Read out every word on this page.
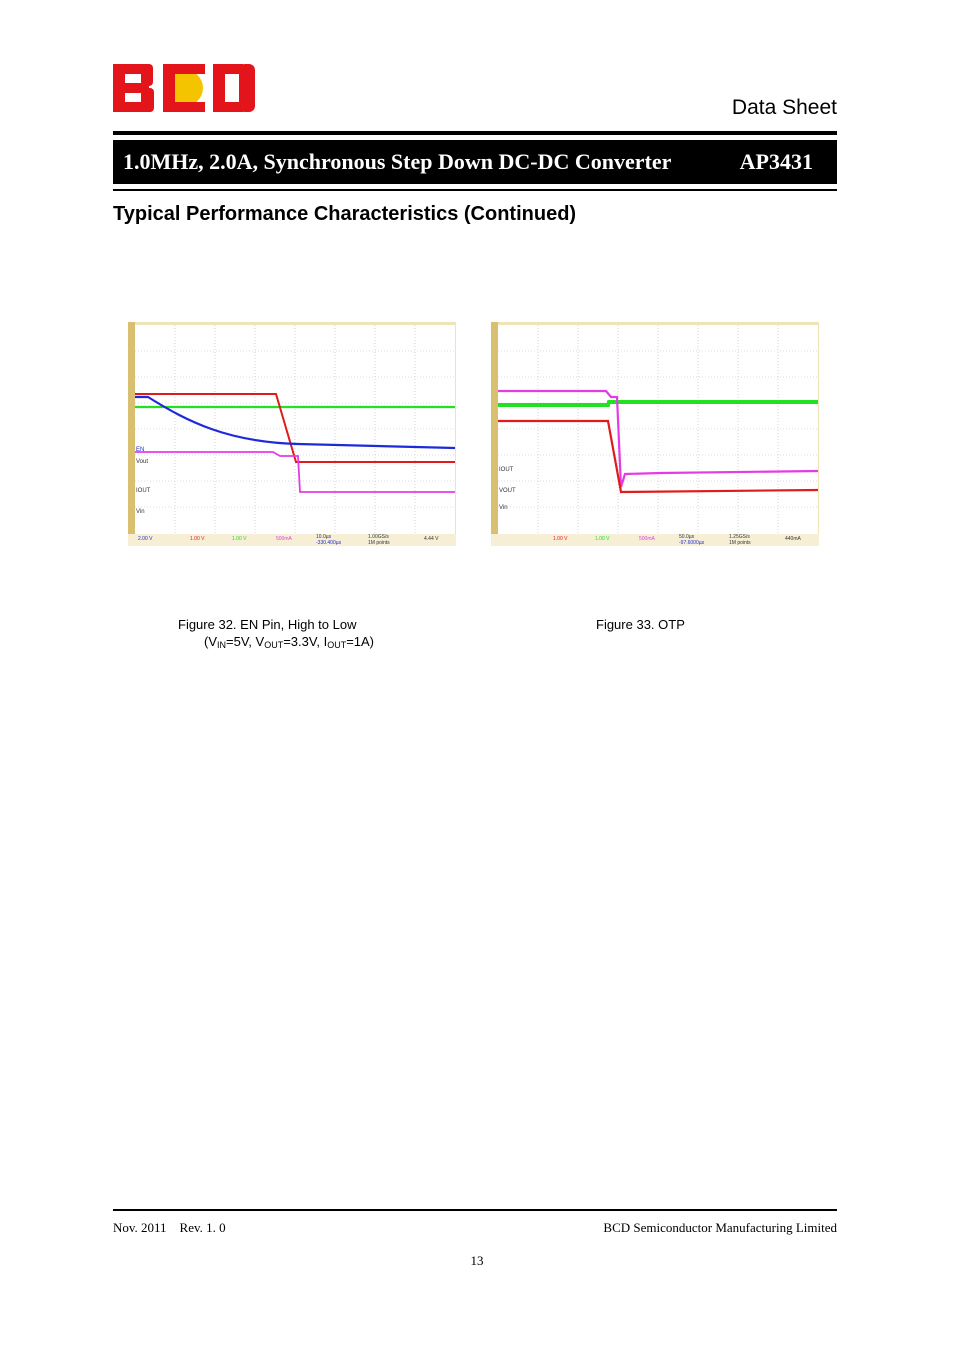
Data Sheet
1.0MHz, 2.0A, Synchronous Step Down DC-DC Converter	AP3431
Typical Performance Characteristics (Continued)
EN
Vout
IOUT
Vin
2.00 V	1.00 V	1.00 V	500mA	10.0µs
-330.400µs
1.00GS/s
1M points
4.44 V
IOUT
VOUT
Vin
1.00 V	1.00 V	500mA	50.0µs
-97.6000µs
1.25GS/s
1M points
440mA
Figure 32. EN Pin, High to Low
($V_{IN}=5V$, $V_{OUT}=3.3V$, $I_{OUT}=1A$)
Figure 33. OTP
Nov. 2011    Rev. 1. 0	BCD Semiconductor Manufacturing Limited
13
